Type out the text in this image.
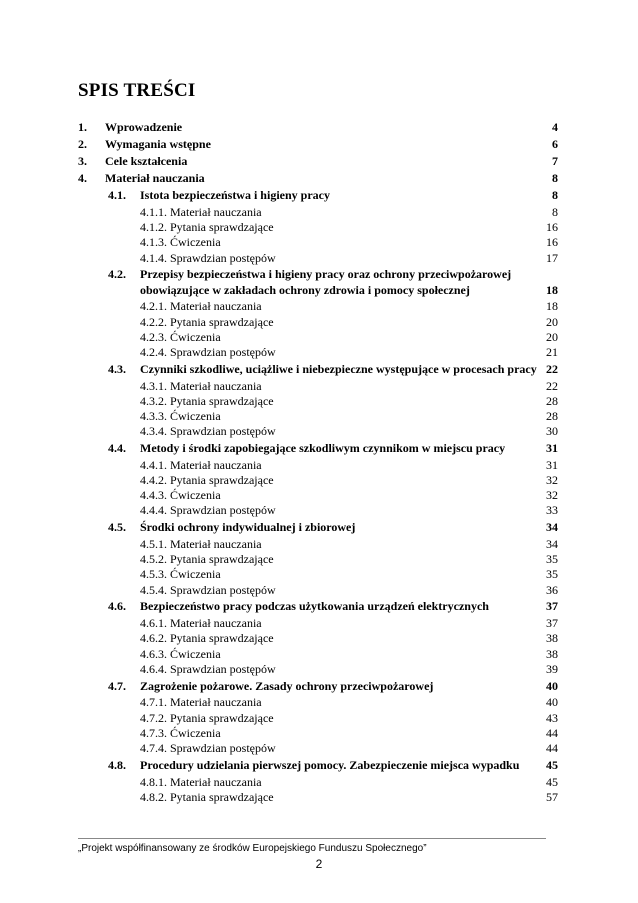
SPIS TREŚCI
1.	Wprowadzenie	4
2.	Wymagania wstępne	6
3.	Cele kształcenia	7
4.	Materiał nauczania	8
4.1.	Istota bezpieczeństwa i higieny pracy	8
4.1.1. Materiał nauczania	8
4.1.2. Pytania sprawdzające	16
4.1.3. Ćwiczenia	16
4.1.4. Sprawdzian postępów	17
4.2.	Przepisy bezpieczeństwa i higieny pracy oraz ochrony przeciwpożarowej obowiązujące w zakładach ochrony zdrowia i pomocy społecznej	18
4.2.1. Materiał nauczania	18
4.2.2. Pytania sprawdzające	20
4.2.3. Ćwiczenia	20
4.2.4. Sprawdzian postępów	21
4.3.	Czynniki szkodliwe, uciążliwe i niebezpieczne występujące w procesach pracy 22
4.3.1. Materiał nauczania	22
4.3.2. Pytania sprawdzające	28
4.3.3. Ćwiczenia	28
4.3.4. Sprawdzian postępów	30
4.4.	Metody i środki zapobiegające szkodliwym czynnikom w miejscu pracy	31
4.4.1. Materiał nauczania	31
4.4.2. Pytania sprawdzające	32
4.4.3. Ćwiczenia	32
4.4.4. Sprawdzian postępów	33
4.5.	Środki ochrony indywidualnej i zbiorowej	34
4.5.1. Materiał nauczania	34
4.5.2. Pytania sprawdzające	35
4.5.3. Ćwiczenia	35
4.5.4. Sprawdzian postępów	36
4.6.	Bezpieczeństwo pracy podczas użytkowania urządzeń elektrycznych	37
4.6.1. Materiał nauczania	37
4.6.2. Pytania sprawdzające	38
4.6.3. Ćwiczenia	38
4.6.4. Sprawdzian postępów	39
4.7.	Zagrożenie pożarowe. Zasady ochrony przeciwpożarowej	40
4.7.1. Materiał nauczania	40
4.7.2. Pytania sprawdzające	43
4.7.3. Ćwiczenia	44
4.7.4. Sprawdzian postępów	44
4.8.	Procedury udzielania pierwszej pomocy. Zabezpieczenie miejsca wypadku	45
4.8.1. Materiał nauczania	45
4.8.2. Pytania sprawdzające	57
„Projekt współfinansowany ze środków Europejskiego Funduszu Społecznego”
2
